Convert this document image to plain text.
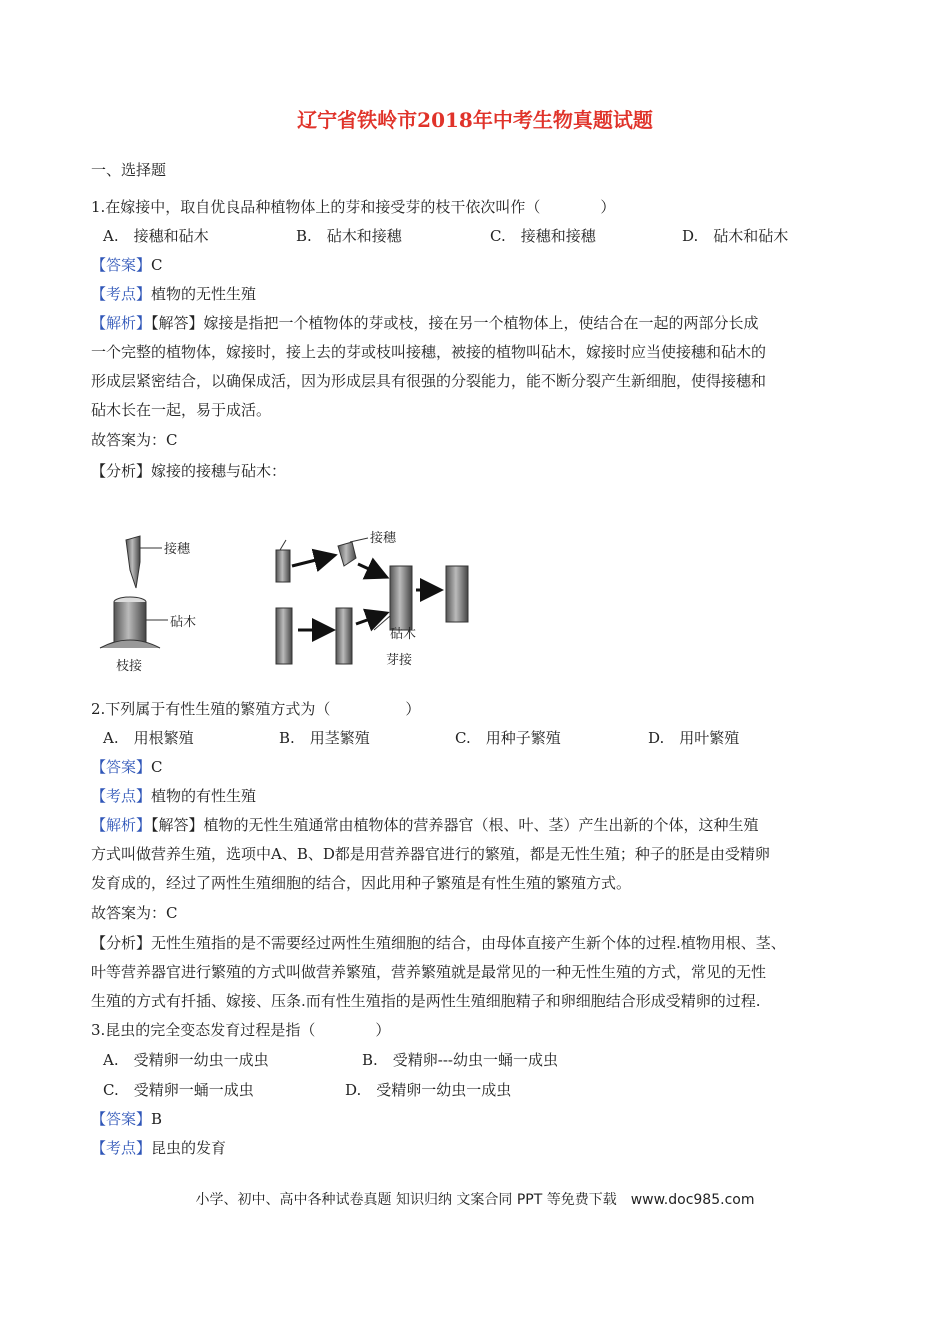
辽宁省铁岭市2018年中考生物真题试题
一、选择题
1.在嫁接中，取自优良品种植物体上的芽和接受芽的枝干依次叫作（　　　　）
A.　接穗和砧木	B.　砧木和接穗	C.　接穗和接穗	D.　砧木和砧木
【答案】C
【考点】植物的无性生殖
【解析】【解答】嫁接是指把一个植物体的芽或枝，接在另一个植物体上，使结合在一起的两部分长成
一个完整的植物体，嫁接时，接上去的芽或枝叫接穗，被接的植物叫砧木，嫁接时应当使接穗和砧木的
形成层紧密结合，以确保成活，因为形成层具有很强的分裂能力，能不断分裂产生新细胞，使得接穗和
砧木长在一起，易于成活。
故答案为：C
【分析】嫁接的接穗与砧木：
接穗
砧木
枝接
接穗
砧木
芽接
2.下列属于有性生殖的繁殖方式为（　　　　　）
A.　用根繁殖	B.　用茎繁殖	C.　用种子繁殖	D.　用叶繁殖
【答案】C
【考点】植物的有性生殖
【解析】【解答】植物的无性生殖通常由植物体的营养器官（根、叶、茎）产生出新的个体，这种生殖
方式叫做营养生殖，选项中A、B、D都是用营养器官进行的繁殖，都是无性生殖；种子的胚是由受精卵
发育成的，经过了两性生殖细胞的结合，因此用种子繁殖是有性生殖的繁殖方式。
故答案为：C
【分析】无性生殖指的是不需要经过两性生殖细胞的结合，由母体直接产生新个体的过程.植物用根、茎、
叶等营养器官进行繁殖的方式叫做营养繁殖，营养繁殖就是最常见的一种无性生殖的方式，常见的无性
生殖的方式有扦插、嫁接、压条.而有性生殖指的是两性生殖细胞精子和卵细胞结合形成受精卵的过程.
3.昆虫的完全变态发育过程是指（　　　　）
A.　受精卵一幼虫一成虫	B.　受精卵---幼虫一蛹一成虫
C.　受精卵一蛹一成虫	D.　受精卵一幼虫一成虫
【答案】B
【考点】昆虫的发育
小学、初中、高中各种试卷真题 知识归纳 文案合同 PPT 等免费下载　www.doc985.com
